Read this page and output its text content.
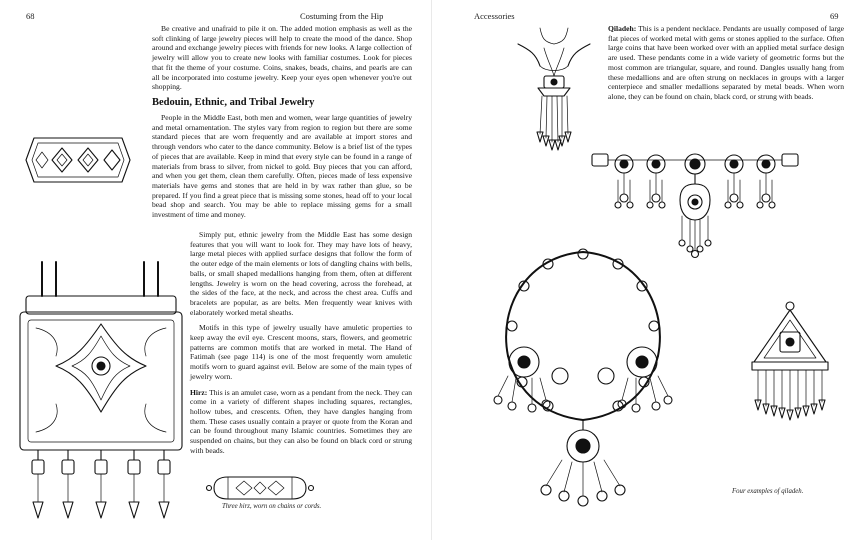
68	Costuming from the Hip

Be creative and unafraid to pile it on. The added motion emphasis as well as the soft clinking of large jewelry pieces will help to create the mood of the dance. Shop around and exchange jewelry pieces with friends for new looks. A large collection of jewelry will allow you to create new looks with familiar costumes. Look for pieces that fit the theme of your costume. Coins, snakes, beads, chains, and pearls are can all be incorporated into costume jewelry. Keep your eyes open whenever you're out shopping.

Bedouin, Ethnic, and Tribal Jewelry

People in the Middle East, both men and women, wear large quantities of jewelry and metal ornamentation. The styles vary from region to region but there are some standard pieces that are worn frequently and are available at import stores and through vendors who cater to the dance community. Below is a brief list of the types of pieces that are available. Keep in mind that every style can be found in a range of materials from brass to silver, from nickel to gold. Buy pieces that you can afford, and when you get them, clean them carefully. Often, pieces made of less expensive materials have gems and stones that are held in by wax rather than glue, so be prepared. If you find a great piece that is missing some stones, head off to your local bead shop and search. You may be able to replace missing gems for a small investment of time and money.

Simply put, ethnic jewelry from the Middle East has some design features that you will want to look for. They may have lots of heavy, large metal pieces with applied surface designs that follow the form of the outer edge of the main elements or lots of dangling chains with bells, balls, or small shaped medallions hanging from them, often at different lengths. Jewelry is worn on the head covering, across the forehead, at the sides of the face, at the neck, and across the chest area. Cuffs and bracelets are popular, as are belts. Men frequently wear knives with elaborately worked metal sheaths.

Motifs in this type of jewelry usually have amuletic properties to keep away the evil eye. Crescent moons, stars, flowers, and geometric patterns are common motifs that are worked in metal. The Hand of Fatimah (see page 114) is one of the most frequently worn amuletic motifs worn to guard against evil. Below are some of the main types of jewelry worn.

Hirz: This is an amulet case, worn as a pendant from the neck. They can come in a variety of different shapes including squares, rectangles, hollow tubes, and crescents. Often, they have dangles hanging from them. These cases usually contain a prayer or quote from the Koran and can be found throughout many Islamic countries. Sometimes they are suspended on chains, but they can also be found on black cord or strung with beads.

Three hirz, worn on chains or cords.
Accessories	69

Qiladeh: This is a pendent necklace. Pendants are usually composed of large flat pieces of worked metal with gems or stones applied to the surface. Often large coins that have been worked over with an applied metal surface design are used. These pendants come in a wide variety of geometric forms but the most common are triangular, square, and round. Dangles usually hang from these medallions and are often strung on necklaces in groups with a larger centerpiece and smaller medallions separated by metal beads. When worn alone, they can be found on chain, black cord, or strung with beads.

Four examples of qiladeh.
